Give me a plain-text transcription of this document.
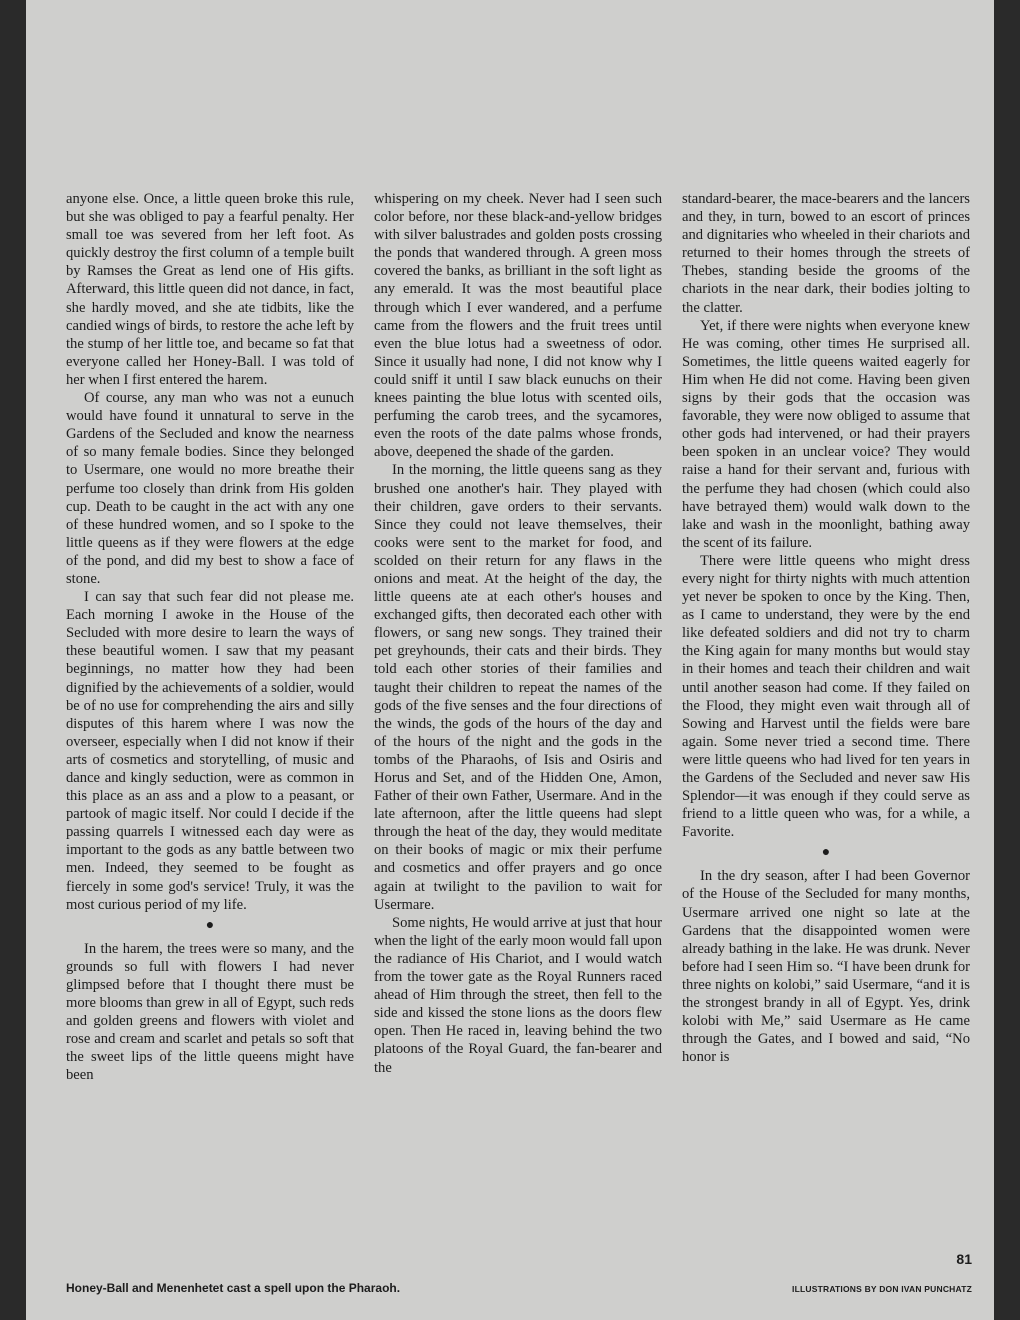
anyone else. Once, a little queen broke this rule, but she was obliged to pay a fearful penalty. Her small toe was severed from her left foot. As quickly destroy the first column of a temple built by Ramses the Great as lend one of His gifts. Afterward, this little queen did not dance, in fact, she hardly moved, and she ate tidbits, like the candied wings of birds, to restore the ache left by the stump of her little toe, and became so fat that everyone called her Honey-Ball. I was told of her when I first entered the harem.

Of course, any man who was not a eunuch would have found it unnatural to serve in the Gardens of the Secluded and know the nearness of so many female bodies. Since they belonged to Usermare, one would no more breathe their perfume too closely than drink from His golden cup. Death to be caught in the act with any one of these hundred women, and so I spoke to the little queens as if they were flowers at the edge of the pond, and did my best to show a face of stone.

I can say that such fear did not please me. Each morning I awoke in the House of the Secluded with more desire to learn the ways of these beautiful women. I saw that my peasant beginnings, no matter how they had been dignified by the achievements of a soldier, would be of no use for comprehending the airs and silly disputes of this harem where I was now the overseer, especially when I did not know if their arts of cosmetics and storytelling, of music and dance and kingly seduction, were as common in this place as an ass and a plow to a peasant, or partook of magic itself. Nor could I decide if the passing quarrels I witnessed each day were as important to the gods as any battle between two men. Indeed, they seemed to be fought as fiercely in some god's service! Truly, it was the most curious period of my life.

●

In the harem, the trees were so many, and the grounds so full with flowers I had never glimpsed before that I thought there must be more blooms than grew in all of Egypt, such reds and golden greens and flowers with violet and rose and cream and scarlet and petals so soft that the sweet lips of the little queens might have been

whispering on my cheek. Never had I seen such color before, nor these black-and-yellow bridges with silver balustrades and golden posts crossing the ponds that wandered through. A green moss covered the banks, as brilliant in the soft light as any emerald. It was the most beautiful place through which I ever wandered, and a perfume came from the flowers and the fruit trees until even the blue lotus had a sweetness of odor. Since it usually had none, I did not know why I could sniff it until I saw black eunuchs on their knees painting the blue lotus with scented oils, perfuming the carob trees, and the sycamores, even the roots of the date palms whose fronds, above, deepened the shade of the garden.

In the morning, the little queens sang as they brushed one another's hair. They played with their children, gave orders to their servants. Since they could not leave themselves, their cooks were sent to the market for food, and scolded on their return for any flaws in the onions and meat. At the height of the day, the little queens ate at each other's houses and exchanged gifts, then decorated each other with flowers, or sang new songs. They trained their pet greyhounds, their cats and their birds. They told each other stories of their families and taught their children to repeat the names of the gods of the five senses and the four directions of the winds, the gods of the hours of the day and of the hours of the night and the gods in the tombs of the Pharaohs, of Isis and Osiris and Horus and Set, and of the Hidden One, Amon, Father of their own Father, Usermare. And in the late afternoon, after the little queens had slept through the heat of the day, they would meditate on their books of magic or mix their perfume and cosmetics and offer prayers and go once again at twilight to the pavilion to wait for Usermare.

Some nights, He would arrive at just that hour when the light of the early moon would fall upon the radiance of His Chariot, and I would watch from the tower gate as the Royal Runners raced ahead of Him through the street, then fell to the side and kissed the stone lions as the doors flew open. Then He raced in, leaving behind the two platoons of the Royal Guard, the fan-bearer and the

standard-bearer, the mace-bearers and the lancers and they, in turn, bowed to an escort of princes and dignitaries who wheeled in their chariots and returned to their homes through the streets of Thebes, standing beside the grooms of the chariots in the near dark, their bodies jolting to the clatter.

Yet, if there were nights when everyone knew He was coming, other times He surprised all. Sometimes, the little queens waited eagerly for Him when He did not come. Having been given signs by their gods that the occasion was favorable, they were now obliged to assume that other gods had intervened, or had their prayers been spoken in an unclear voice? They would raise a hand for their servant and, furious with the perfume they had chosen (which could also have betrayed them) would walk down to the lake and wash in the moonlight, bathing away the scent of its failure.

There were little queens who might dress every night for thirty nights with much attention yet never be spoken to once by the King. Then, as I came to understand, they were by the end like defeated soldiers and did not try to charm the King again for many months but would stay in their homes and teach their children and wait until another season had come. If they failed on the Flood, they might even wait through all of Sowing and Harvest until the fields were bare again. Some never tried a second time. There were little queens who had lived for ten years in the Gardens of the Secluded and never saw His Splendor—it was enough if they could serve as friend to a little queen who was, for a while, a Favorite.

●

In the dry season, after I had been Governor of the House of the Secluded for many months, Usermare arrived one night so late at the Gardens that the disappointed women were already bathing in the lake. He was drunk. Never before had I seen Him so. “I have been drunk for three nights on kolobi,” said Usermare, “and it is the strongest brandy in all of Egypt. Yes, drink kolobi with Me,” said Usermare as He came through the Gates, and I bowed and said, “No honor is

81
Honey-Ball and Menenhetet cast a spell upon the Pharaoh.	ILLUSTRATIONS BY DON IVAN PUNCHATZ
